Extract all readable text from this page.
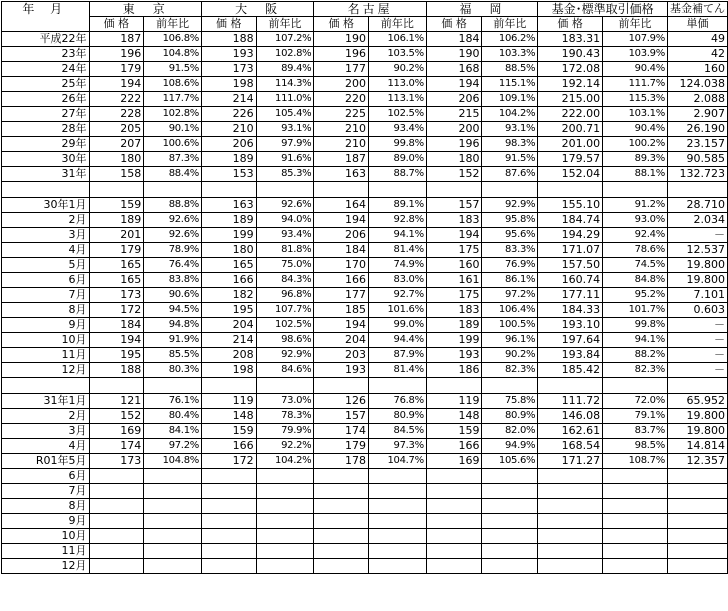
年 月	東　京		大　阪		名古屋		福　岡		基金･標準取引価格		基金補てん
	価 格	前年比	価 格	前年比	価 格	前年比	価 格	前年比	価 格	前年比	単価
平成22年	187	106.8%	188	107.2%	190	106.1%	184	106.2%	183.31	107.9%	49
23年	196	104.8%	193	102.8%	196	103.5%	190	103.3%	190.43	103.9%	42
24年	179	91.5%	173	89.4%	177	90.2%	168	88.5%	172.08	90.4%	160
25年	194	108.6%	198	114.3%	200	113.0%	194	115.1%	192.14	111.7%	124.038
26年	222	117.7%	214	111.0%	220	113.1%	206	109.1%	215.00	115.3%	2.088
27年	228	102.8%	226	105.4%	225	102.5%	215	104.2%	222.00	103.1%	2.907
28年	205	90.1%	210	93.1%	210	93.4%	200	93.1%	200.71	90.4%	26.190
29年	207	100.6%	206	97.9%	210	99.8%	196	98.3%	201.00	100.2%	23.157
30年	180	87.3%	189	91.6%	187	89.0%	180	91.5%	179.57	89.3%	90.585
31年	158	88.4%	153	85.3%	163	88.7%	152	87.6%	152.04	88.1%	132.723

30年1月	159	88.8%	163	92.6%	164	89.1%	157	92.9%	155.10	91.2%	28.710
2月	189	92.6%	189	94.0%	194	92.8%	183	95.8%	184.74	93.0%	2.034
3月	201	92.6%	199	93.4%	206	94.1%	194	95.6%	194.29	92.4%	－
4月	179	78.9%	180	81.8%	184	81.4%	175	83.3%	171.07	78.6%	12.537
5月	165	76.4%	165	75.0%	170	74.9%	160	76.9%	157.50	74.5%	19.800
6月	165	83.8%	166	84.3%	166	83.0%	161	86.1%	160.74	84.8%	19.800
7月	173	90.6%	182	96.8%	177	92.7%	175	97.2%	177.11	95.2%	7.101
8月	172	94.5%	195	107.7%	185	101.6%	183	106.4%	184.33	101.7%	0.603
9月	184	94.8%	204	102.5%	194	99.0%	189	100.5%	193.10	99.8%	－
10月	194	91.9%	214	98.6%	204	94.4%	199	96.1%	197.64	94.1%	－
11月	195	85.5%	208	92.9%	203	87.9%	193	90.2%	193.84	88.2%	－
12月	188	80.3%	198	84.6%	193	81.4%	186	82.3%	185.42	82.3%	－

31年1月	121	76.1%	119	73.0%	126	76.8%	119	75.8%	111.72	72.0%	65.952
2月	152	80.4%	148	78.3%	157	80.9%	148	80.9%	146.08	79.1%	19.800
3月	169	84.1%	159	79.9%	174	84.5%	159	82.0%	162.61	83.7%	19.800
4月	174	97.2%	166	92.2%	179	97.3%	166	94.9%	168.54	98.5%	14.814
R01年5月	173	104.8%	172	104.2%	178	104.7%	169	105.6%	171.27	108.7%	12.357
6月											
7月											
8月											
9月											
10月											
11月											
12月											
